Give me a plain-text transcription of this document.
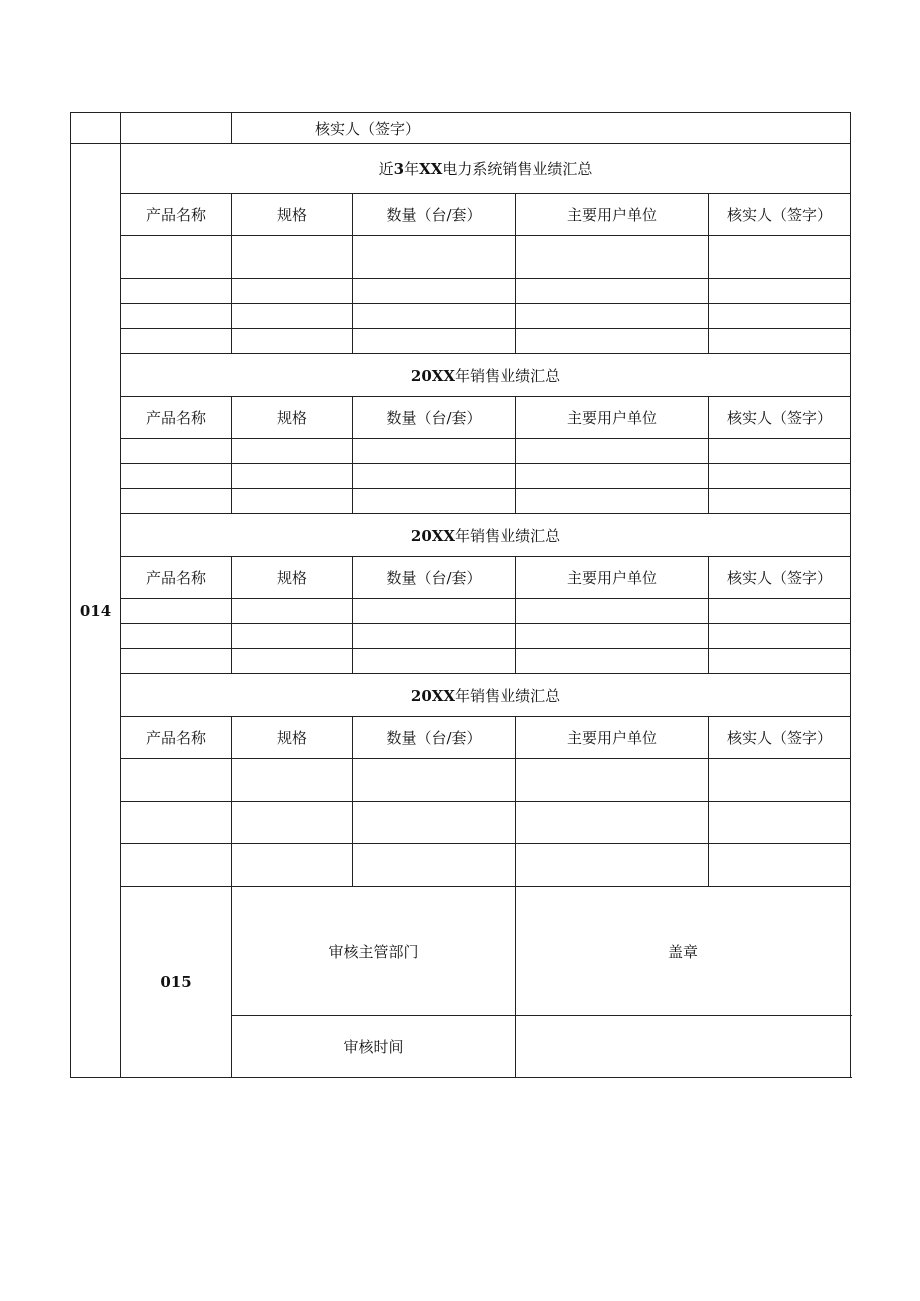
		核实人（签字）			
014	近3年XX电力系统销售业绩汇总				
	产品名称	规格	数量（台/套）	主要用户单位	核实人（签字）

	20XX年销售业绩汇总				
	产品名称	规格	数量（台/套）	主要用户单位	核实人（签字）

	20XX年销售业绩汇总				
	产品名称	规格	数量（台/套）	主要用户单位	核实人（签字）

	20XX年销售业绩汇总				
	产品名称	规格	数量（台/套）	主要用户单位	核实人（签字）

	015	审核主管部门		盖章	
		审核时间			
